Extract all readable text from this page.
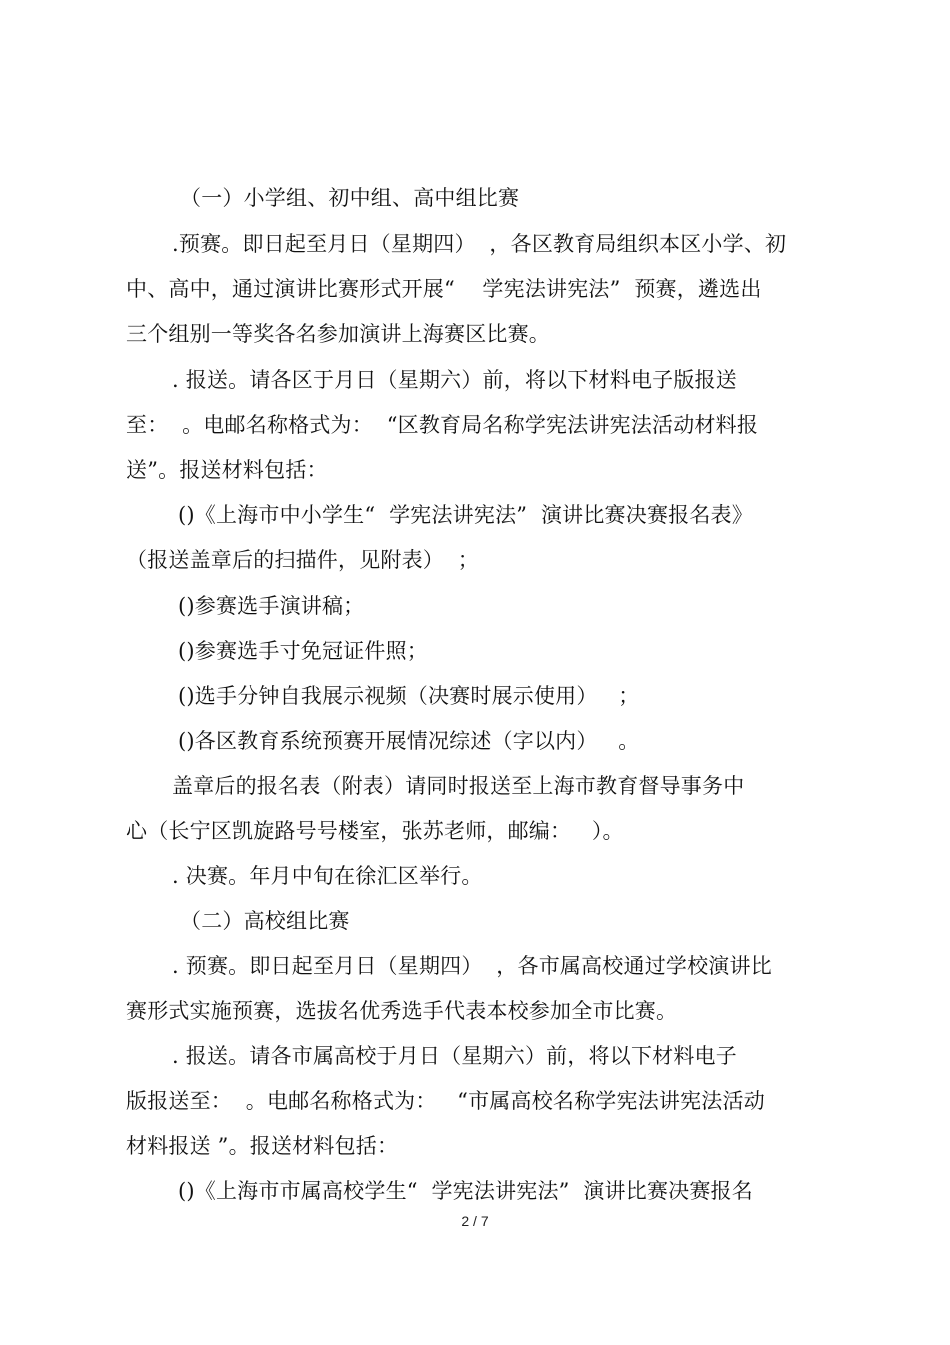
（一）小学组、初中组、高中组比赛
.预赛。即日起至月日（星期四）  ，各区教育局组织本区小学、初
中、高中，通过演讲比赛形式开展“    学宪法讲宪法”  预赛，遴选出
三个组别一等奖各名参加演讲上海赛区比赛。
. 报送。请各区于月日（星期六）前，将以下材料电子版报送
至：  。电邮名称格式为：  “区教育局名称学宪法讲宪法活动材料报
送”。报送材料包括：
()《上海市中小学生“  学宪法讲宪法”  演讲比赛决赛报名表》
（报送盖章后的扫描件，见附表）  ；
()参赛选手演讲稿；
()参赛选手寸免冠证件照；
()选手分钟自我展示视频（决赛时展示使用）   ；
()各区教育系统预赛开展情况综述（字以内）   。
盖章后的报名表（附表）请同时报送至上海市教育督导事务中
心（长宁区凯旋路号号楼室，张苏老师，邮编：   ）。
. 决赛。年月中旬在徐汇区举行。
（二）高校组比赛
. 预赛。即日起至月日（星期四）  ，各市属高校通过学校演讲比
赛形式实施预赛，选拔名优秀选手代表本校参加全市比赛。
. 报送。请各市属高校于月日（星期六）前，将以下材料电子
版报送至：  。电邮名称格式为：   “市属高校名称学宪法讲宪法活动
材料报送 ”。报送材料包括：
()《上海市市属高校学生“  学宪法讲宪法”  演讲比赛决赛报名
2 / 7
